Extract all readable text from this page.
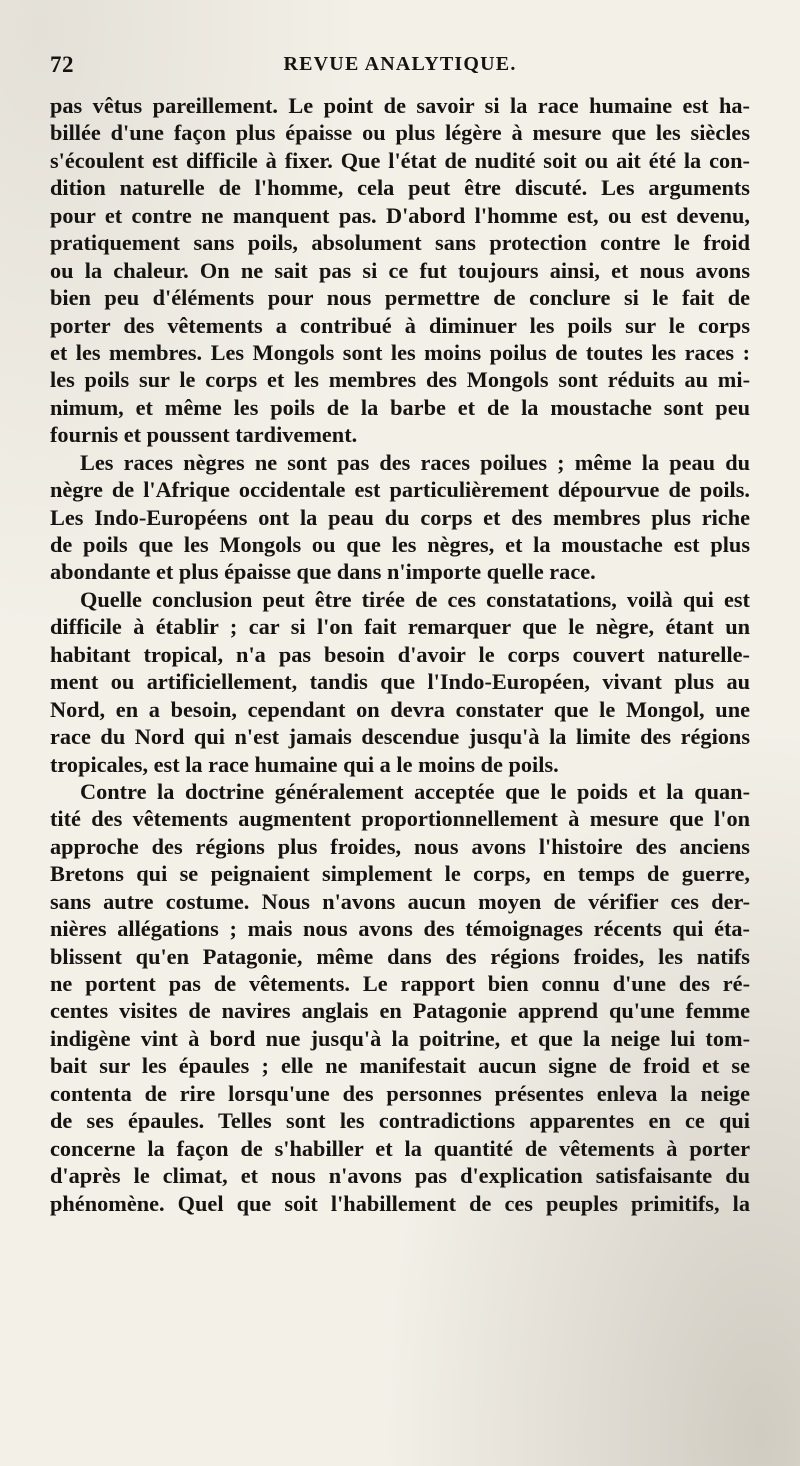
72	REVUE ANALYTIQUE.
pas vêtus pareillement. Le point de savoir si la race humaine est ha-
billée d'une façon plus épaisse ou plus légère à mesure que les siècles
s'écoulent est difficile à fixer. Que l'état de nudité soit ou ait été la con-
dition naturelle de l'homme, cela peut être discuté. Les arguments
pour et contre ne manquent pas. D'abord l'homme est, ou est devenu,
pratiquement sans poils, absolument sans protection contre le froid
ou la chaleur. On ne sait pas si ce fut toujours ainsi, et nous avons
bien peu d'éléments pour nous permettre de conclure si le fait de
porter des vêtements a contribué à diminuer les poils sur le corps
et les membres. Les Mongols sont les moins poilus de toutes les races :
les poils sur le corps et les membres des Mongols sont réduits au mi-
nimum, et même les poils de la barbe et de la moustache sont peu
fournis et poussent tardivement.
Les races nègres ne sont pas des races poilues ; même la peau du
nègre de l'Afrique occidentale est particulièrement dépourvue de poils.
Les Indo-Européens ont la peau du corps et des membres plus riche
de poils que les Mongols ou que les nègres, et la moustache est plus
abondante et plus épaisse que dans n'importe quelle race.
Quelle conclusion peut être tirée de ces constatations, voilà qui est
difficile à établir ; car si l'on fait remarquer que le nègre, étant un
habitant tropical, n'a pas besoin d'avoir le corps couvert naturelle-
ment ou artificiellement, tandis que l'Indo-Européen, vivant plus au
Nord, en a besoin, cependant on devra constater que le Mongol, une
race du Nord qui n'est jamais descendue jusqu'à la limite des régions
tropicales, est la race humaine qui a le moins de poils.
Contre la doctrine généralement acceptée que le poids et la quan-
tité des vêtements augmentent proportionnellement à mesure que l'on
approche des régions plus froides, nous avons l'histoire des anciens
Bretons qui se peignaient simplement le corps, en temps de guerre,
sans autre costume. Nous n'avons aucun moyen de vérifier ces der-
nières allégations ; mais nous avons des témoignages récents qui éta-
blissent qu'en Patagonie, même dans des régions froides, les natifs
ne portent pas de vêtements. Le rapport bien connu d'une des ré-
centes visites de navires anglais en Patagonie apprend qu'une femme
indigène vint à bord nue jusqu'à la poitrine, et que la neige lui tom-
bait sur les épaules ; elle ne manifestait aucun signe de froid et se
contenta de rire lorsqu'une des personnes présentes enleva la neige
de ses épaules. Telles sont les contradictions apparentes en ce qui
concerne la façon de s'habiller et la quantité de vêtements à porter
d'après le climat, et nous n'avons pas d'explication satisfaisante du
phénomène. Quel que soit l'habillement de ces peuples primitifs, la
